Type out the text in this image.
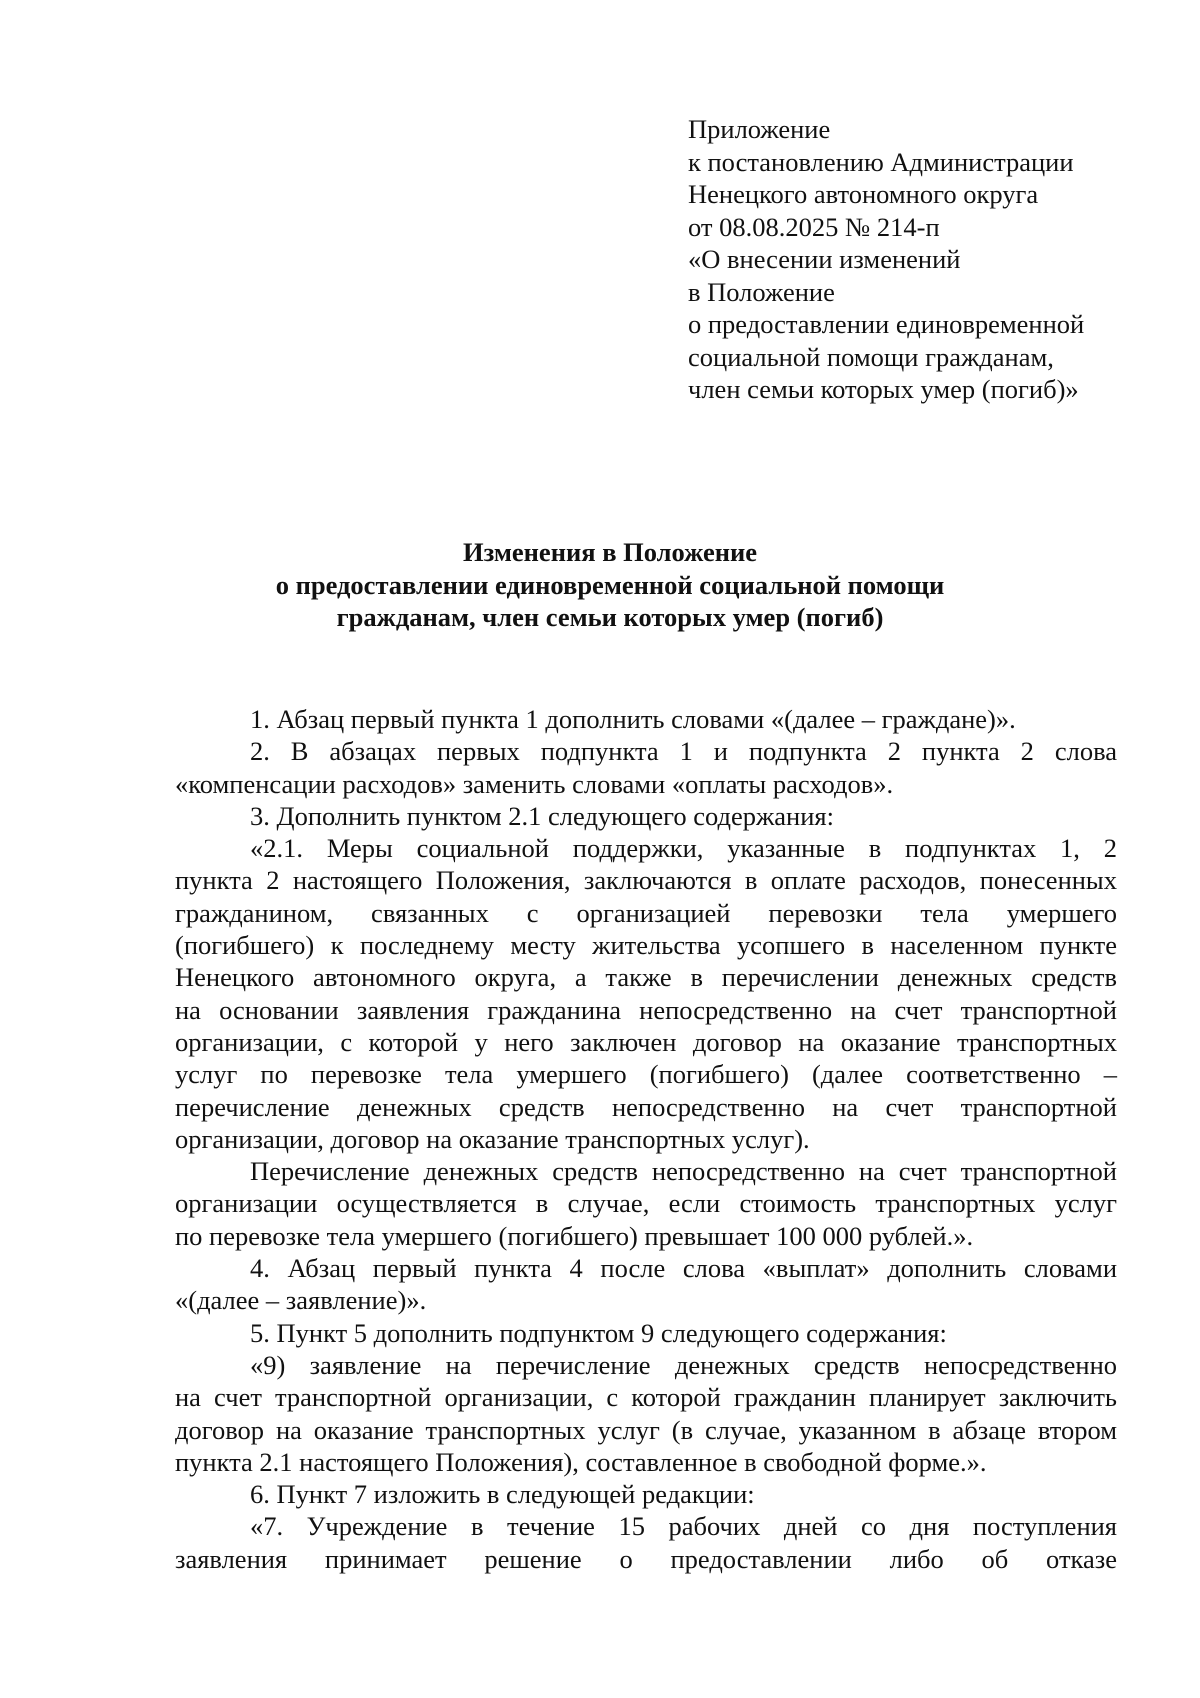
Приложение
к постановлению Администрации
Ненецкого автономного округа
от 08.08.2025 № 214-п
«О внесении изменений
в Положение
о предоставлении единовременной
социальной помощи гражданам,
член семьи которых умер (погиб)»
Изменения в Положение
о предоставлении единовременной социальной помощи
гражданам, член семьи которых умер (погиб)
1. Абзац первый пункта 1 дополнить словами «(далее – граждане)».
2. В абзацах первых подпункта 1 и подпункта 2 пункта 2 слова
«компенсации расходов» заменить словами «оплаты расходов».
3. Дополнить пунктом 2.1 следующего содержания:
«2.1. Меры социальной поддержки, указанные в подпунктах 1, 2
пункта 2 настоящего Положения, заключаются в оплате расходов, понесенных
гражданином, связанных с организацией перевозки тела умершего
(погибшего) к последнему месту жительства усопшего в населенном пункте
Ненецкого автономного округа, а также в перечислении денежных средств
на основании заявления гражданина непосредственно на счет транспортной
организации, с которой у него заключен договор на оказание транспортных
услуг по перевозке тела умершего (погибшего) (далее соответственно –
перечисление денежных средств непосредственно на счет транспортной
организации, договор на оказание транспортных услуг).
Перечисление денежных средств непосредственно на счет транспортной
организации осуществляется в случае, если стоимость транспортных услуг
по перевозке тела умершего (погибшего) превышает 100 000 рублей.».
4. Абзац первый пункта 4 после слова «выплат» дополнить словами
«(далее – заявление)».
5. Пункт 5 дополнить подпунктом 9 следующего содержания:
«9) заявление на перечисление денежных средств непосредственно
на счет транспортной организации, с которой гражданин планирует заключить
договор на оказание транспортных услуг (в случае, указанном в абзаце втором
пункта 2.1 настоящего Положения), составленное в свободной форме.».
6. Пункт 7 изложить в следующей редакции:
«7. Учреждение в течение 15 рабочих дней со дня поступления
заявления принимает решение о предоставлении либо об отказе
